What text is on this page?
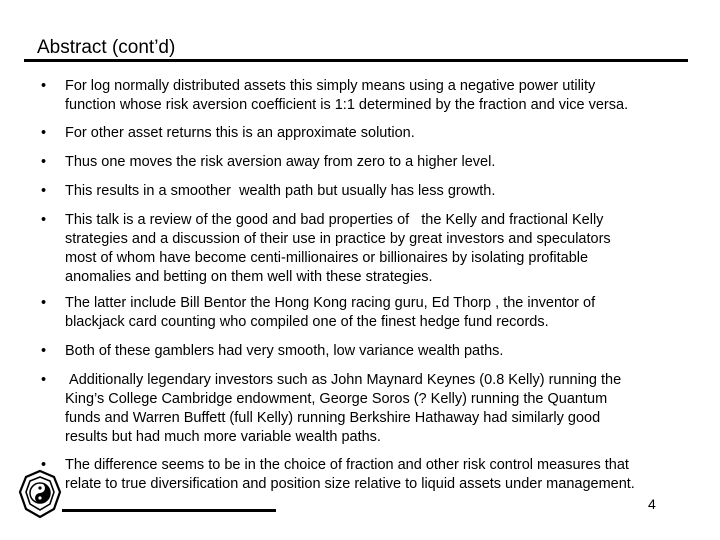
Abstract (cont’d)
• For log normally distributed assets this simply means using a negative power utility
function whose risk aversion coefficient is 1:1 determined by the fraction and vice versa.
• For other asset returns this is an approximate solution.
• Thus one moves the risk aversion away from zero to a higher level.
• This results in a smoother  wealth path but usually has less growth.
• This talk is a review of the good and bad properties of   the Kelly and fractional Kelly
strategies and a discussion of their use in practice by great investors and speculators
most of whom have become centi-millionaires or billionaires by isolating profitable
anomalies and betting on them well with these strategies.
• The latter include Bill Bentor the Hong Kong racing guru, Ed Thorp , the inventor of
blackjack card counting who compiled one of the finest hedge fund records.
• Both of these gamblers had very smooth, low variance wealth paths.
• Additionally legendary investors such as John Maynard Keynes (0.8 Kelly) running the
King’s College Cambridge endowment, George Soros (? Kelly) running the Quantum
funds and Warren Buffett (full Kelly) running Berkshire Hathaway had similarly good
results but had much more variable wealth paths.
• The difference seems to be in the choice of fraction and other risk control measures that
relate to true diversification and position size relative to liquid assets under management.
4
